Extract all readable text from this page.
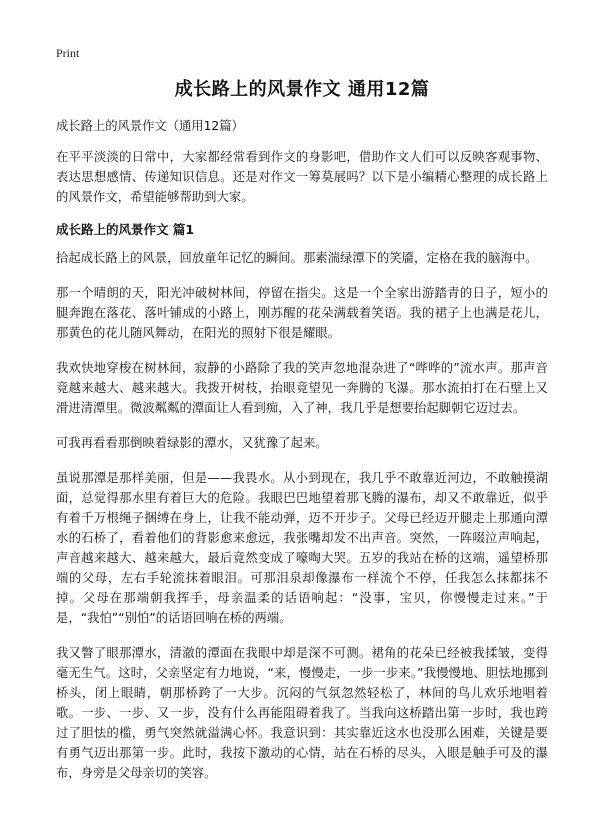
Print
成长路上的风景作文 通用12篇
成长路上的风景作文（通用12篇）

在平平淡淡的日常中，大家都经常看到作文的身影吧，借助作文人们可以反映客观事物、表达思想感情、传递知识信息。还是对作文一筹莫展吗？以下是小编精心整理的成长路上的风景作文，希望能够帮助到大家。

成长路上的风景作文 篇1

拾起成长路上的风景，回放童年记忆的瞬间。那素湍绿潭下的笑靥，定格在我的脑海中。

那一个晴朗的天，阳光冲破树林间，停留在指尖。这是一个全家出游踏青的日子，短小的腿奔跑在落花、落叶铺成的小路上，刚苏醒的花朵满载着笑语。我的裙子上也满是花儿，那黄色的花儿随风舞动，在阳光的照射下很是耀眼。

我欢快地穿梭在树林间，寂静的小路除了我的笑声忽地混杂进了“哗哗的”流水声。那声音竟越来越大、越来越大。我拨开树枝，抬眼竟望见一奔腾的飞瀑。那水流拍打在石壁上又滑进清潭里。微波粼粼的潭面让人看到痴，入了神，我几乎是想要抬起脚朝它迈过去。

可我再看看那倒映着绿影的潭水，又犹豫了起来。

虽说那潭是那样美丽，但是——我畏水。从小到现在，我几乎不敢靠近河边，不敢触摸湖面，总觉得那水里有着巨大的危险。我眼巴巴地望着那飞腾的瀑布，却又不敢靠近，似乎有着千万根绳子捆缚在身上，让我不能动弹，迈不开步子。父母已经迈开腿走上那通向潭水的石桥了，看着他们的背影愈来愈远，我张嘴却发不出声音。突然，一阵啜泣声响起，声音越来越大、越来越大，最后竟然变成了嚎啕大哭。五岁的我站在桥的这端，遥望桥那端的父母，左右手轮流抹着眼泪。可那泪泉却像瀑布一样流个不停，任我怎么抹都抹不掉。父母在那端朝我挥手，母亲温柔的话语响起：“没事，宝贝，你慢慢走过来。”于是，“我怕”“别怕”的话语回响在桥的两端。

我又瞥了眼那潭水，清澈的潭面在我眼中却是深不可测。裙角的花朵已经被我揉皱，变得毫无生气。这时，父亲坚定有力地说，“来，慢慢走，一步一步来。”我慢慢地、胆怯地挪到桥头，闭上眼睛，朝那桥跨了一大步。沉闷的气氛忽然轻松了，林间的鸟儿欢乐地唱着歌。一步、一步、又一步，没有什么再能阻碍着我了。当我向这桥踏出第一步时，我也跨过了胆怯的槛，勇气突然就溢满心怀。我意识到：其实靠近这水也没那么困难，关键是要有勇气迈出那第一步。此时，我按下激动的心情，站在石桥的尽头，入眼是触手可及的瀑布，身旁是父母亲切的笑容。
